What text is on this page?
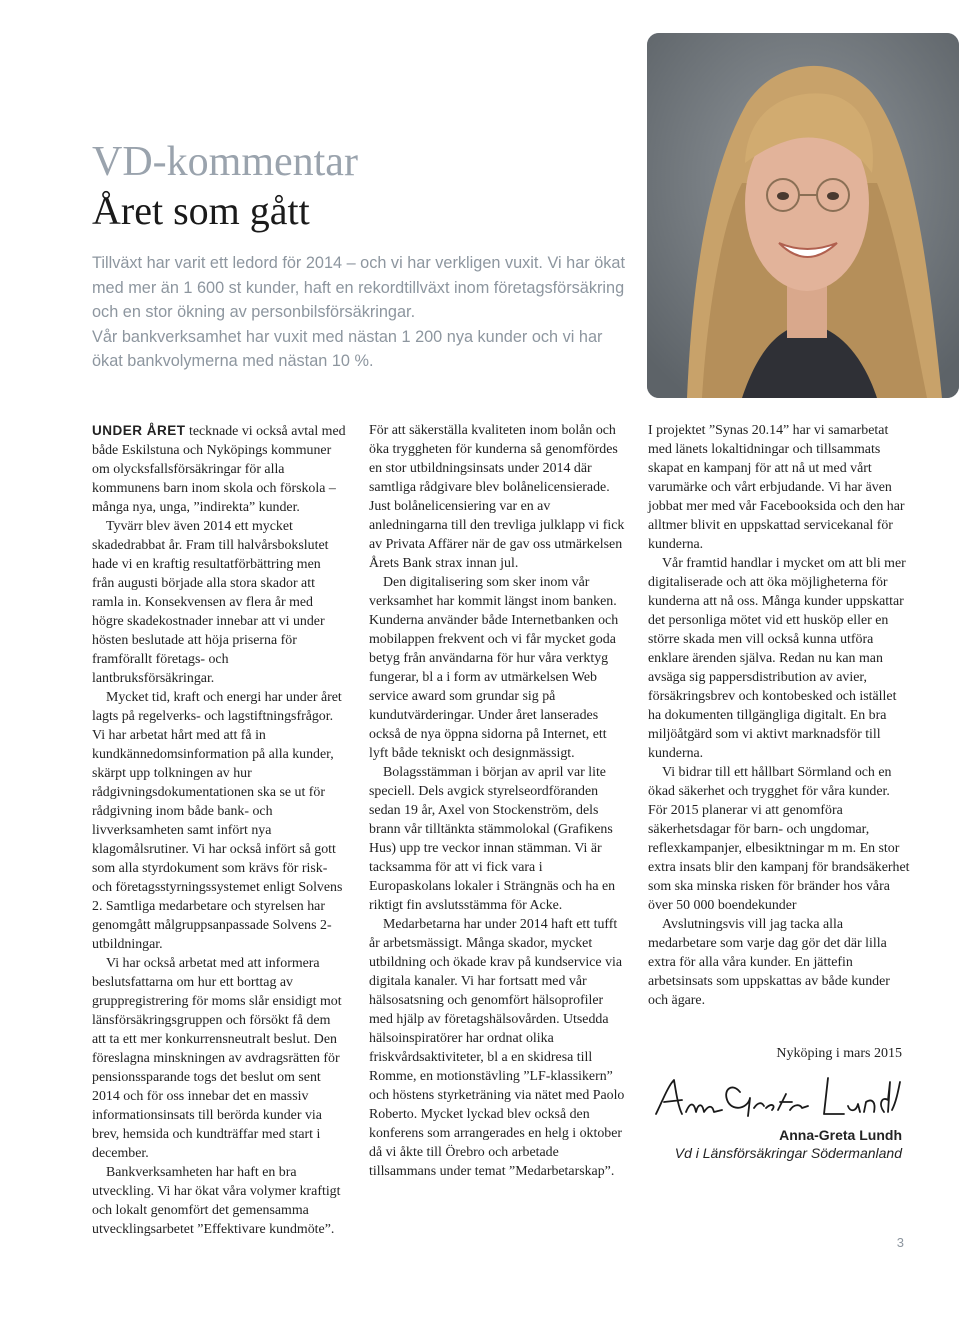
VD-kommentar
Året som gått

Tillväxt har varit ett ledord för 2014 – och vi har verkligen vuxit. Vi har ökat med mer än 1 600 st kunder, haft en rekordtillväxt inom företagsförsäkring och en stor ökning av personbilsförsäkringar.

Vår bankverksamhet har vuxit med nästan 1 200 nya kunder och vi har ökat bankvolymerna med nästan 10 %.

UNDER ÅRET tecknade vi också avtal med både Eskilstuna och Nyköpings kommuner om olycksfallsförsäkringar för alla kommunens barn inom skola och förskola – många nya, unga, ”indirekta” kunder.

Tyvärr blev även 2014 ett mycket skadedrabbat år. Fram till halvårsbokslutet hade vi en kraftig resultatförbättring men från augusti började alla stora skador att ramla in. Konsekvensen av flera år med högre skadekostnader innebar att vi under hösten beslutade att höja priserna för framförallt företags- och lantbruksförsäkringar.

Mycket tid, kraft och energi har under året lagts på regelverks- och lagstiftningsfrågor. Vi har arbetat hårt med att få in kundkännedomsinformation på alla kunder, skärpt upp tolkningen av hur rådgivningsdokumentationen ska se ut för rådgivning inom både bank- och livverksamheten samt infört nya klagomålsrutiner. Vi har också infört så gott som alla styrdokument som krävs för risk- och företagsstyrningssystemet enligt Solvens 2. Samtliga medarbetare och styrelsen har genomgått målgruppsanpassade Solvens 2-utbildningar.

Vi har också arbetat med att informera beslutsfattarna om hur ett borttag av gruppregistrering för moms slår ensidigt mot länsförsäkringsgruppen och försökt få dem att ta ett mer konkurrensneutralt beslut. Den föreslagna minskningen av avdragsrätten för pensionssparande togs det beslut om sent 2014 och för oss innebar det en massiv informationsinsats till berörda kunder via brev, hemsida och kundträffar med start i december.

Bankverksamheten har haft en bra utveckling. Vi har ökat våra volymer kraftigt och lokalt genomfört det gemensamma utvecklingsarbetet ”Effektivare kundmöte”.

För att säkerställa kvaliteten inom bolån och öka tryggheten för kunderna så genomfördes en stor utbildningsinsats under 2014 där samtliga rådgivare blev bolånelicensierade. Just bolånelicensiering var en av anledningarna till den trevliga julklapp vi fick av Privata Affärer när de gav oss utmärkelsen Årets Bank strax innan jul.

Den digitalisering som sker inom vår verksamhet har kommit längst inom banken. Kunderna använder både Internetbanken och mobilappen frekvent och vi får mycket goda betyg från användarna för hur våra verktyg fungerar, bl a i form av utmärkelsen Web service award som grundar sig på kundutvärderingar. Under året lanserades också de nya öppna sidorna på Internet, ett lyft både tekniskt och designmässigt.

Bolagsstämman i början av april var lite speciell. Dels avgick styrelseordföranden sedan 19 år, Axel von Stockenström, dels brann vår tilltänkta stämmolokal (Grafikens Hus) upp tre veckor innan stämman. Vi är tacksamma för att vi fick vara i Europaskolans lokaler i Strängnäs och ha en riktigt fin avslutsstämma för Acke.

Medarbetarna har under 2014 haft ett tufft år arbetsmässigt. Många skador, mycket utbildning och ökade krav på kundservice via digitala kanaler. Vi har fortsatt med vår hälsosatsning och genomfört hälsoprofiler med hjälp av företagshälsovården. Utsedda hälsoinspiratörer har ordnat olika friskvårdsaktiviteter, bl a en skidresa till Romme, en motionstävling ”LF-klassikern” och höstens styrketräning via nätet med Paolo Roberto. Mycket lyckad blev också den konferens som arrangerades en helg i oktober då vi åkte till Örebro och arbetade tillsammans under temat ”Medarbetarskap”.

I projektet ”Synas 20.14” har vi samarbetat med länets lokaltidningar och tillsammats skapat en kampanj för att nå ut med vårt varumärke och vårt erbjudande. Vi har även jobbat mer med vår Facebooksida och den har alltmer blivit en uppskattad servicekanal för kunderna.

Vår framtid handlar i mycket om att bli mer digitaliserade och att öka möjligheterna för kunderna att nå oss. Många kunder uppskattar det personliga mötet vid ett husköp eller en större skada men vill också kunna utföra enklare ärenden själva. Redan nu kan man avsäga sig pappersdistribution av avier, försäkringsbrev och kontobesked och istället ha dokumenten tillgängliga digitalt. En bra miljöåtgärd som vi aktivt marknadsför till kunderna.

Vi bidrar till ett hållbart Sörmland och en ökad säkerhet och trygghet för våra kunder. För 2015 planerar vi att genomföra säkerhetsdagar för barn- och ungdomar, reflexkampanjer, elbesiktningar m m. En stor extra insats blir den kampanj för brandsäkerhet som ska minska risken för bränder hos våra över 50 000 boendekunder

Avslutningsvis vill jag tacka alla medarbetare som varje dag gör det där lilla extra för alla våra kunder. En jättefin arbetsinsats som uppskattas av både kunder och ägare.

Nyköping i mars 2015
Anna-Greta Lundh
Vd i Länsförsäkringar Södermanland
3
